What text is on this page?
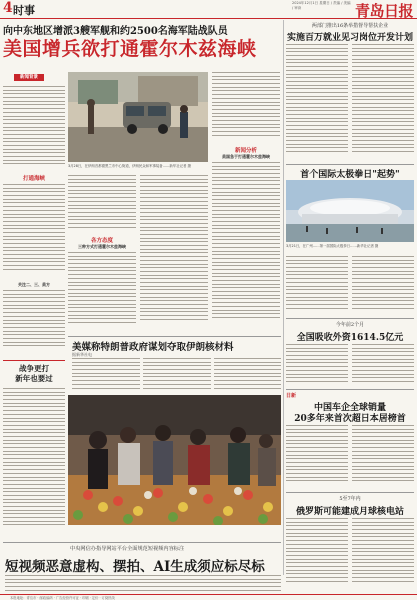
4 时事
2024年12月1日 星期日 / 责编 / 美编 / 审读	青岛日报
向中东地区增派3艘军舰和约2500名海军陆战队员
美国增兵欲打通霍尔木兹海峡
新闻背景
打通海峡
关注二、三、美方
3月28日，在伊朗首都德黑兰市中心街道，伊朗民众和军事装备……新华社记者 摄
各方态度
三种方式打通霍尔木兹海峡
新闻分析
美国急于打通霍尔木兹海峡
美媒称特朗普政府谋划夺取伊朗核材料
据新华社电
战争更打
新年也要过
中央网信办指导网站平台全面规范短视频内容标注
短视频恶意虚构、摆拍、AI生成须应标尽标
两部门推出16条举措督导帮扶企业
实施百万就业见习岗位开发计划
首个国际太极拳日"起势"
3月21日，在广州……第一届国际太极拳日……新华社记者 摄
今年前2个月
全国吸收外资1614.5亿元
日新
中国车企全球销量
20多年来首次超日本居榜首
5至7年内
俄罗斯可能建成月球核电站
本报地址：青岛市 · 邮政编码 · 广告经营许可证 · 印刷 · 定价 · 订阅热线
